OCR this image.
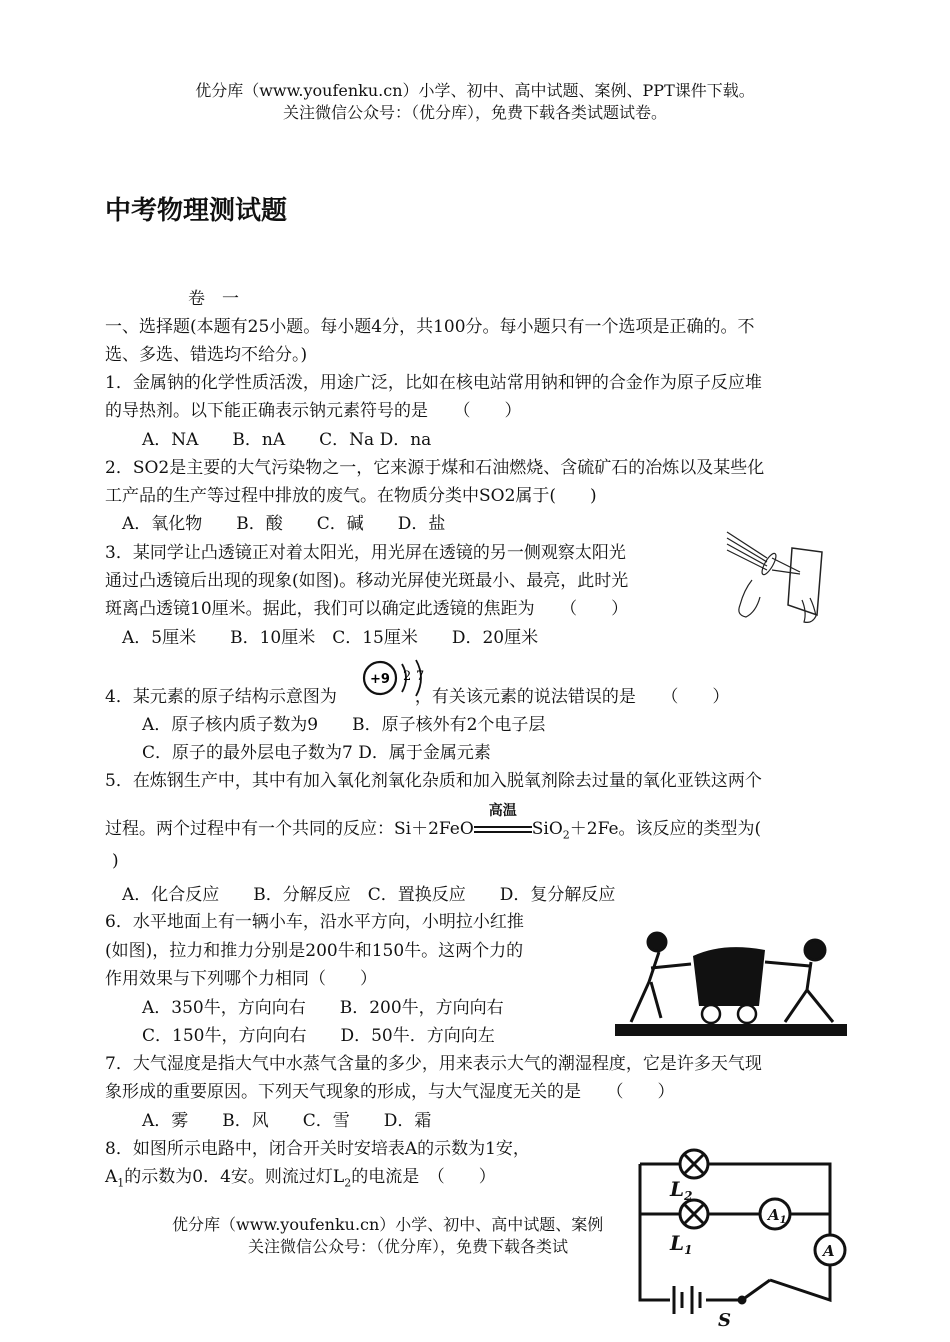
优分库（www.youfenku.cn）小学、初中、高中试题、案例、PPT课件下载。
关注微信公众号：（优分库），免费下载各类试题试卷。
中考物理测试题
卷　一
一、选择题(本题有25小题。每小题4分，共100分。每小题只有一个选项是正确的。不
选、多选、错选均不给分。)
1．金属钠的化学性质活泼，用途广泛，比如在核电站常用钠和钾的合金作为原子反应堆
的导热剂。以下能正确表示钠元素符号的是　　（　　）
A．NA　　B．nA　　C．Na D．na
2．SO2是主要的大气污染物之一，它来源于煤和石油燃烧、含硫矿石的冶炼以及某些化
工产品的生产等过程中排放的废气。在物质分类中SO2属于(　　)
A．氧化物　　B．酸　　C．碱　　D．盐
3．某同学让凸透镜正对着太阳光，用光屏在透镜的另一侧观察太阳光
通过凸透镜后出现的现象(如图)。移动光屏使光斑最小、最亮，此时光
斑离凸透镜10厘米。据此，我们可以确定此透镜的焦距为　　（　　）
A．5厘米　　B．10厘米　C．15厘米　　D．20厘米
4．某元素的原子结构示意图为	，有关该元素的说法错误的是　　（　　）
+9 2 7
A．原子核内质子数为9　　B．原子核外有2个电子层
C．原子的最外层电子数为7 D．属于金属元素
5．在炼钢生产中，其中有加入氧化剂氧化杂质和加入脱氧剂除去过量的氧化亚铁这两个
过程。两个过程中有一个共同的反应：Si＋2FeO
高温
SiO$_2$＋2Fe。该反应的类型为(
)
A．化合反应　　B．分解反应　C．置换反应　　D．复分解反应
6．水平地面上有一辆小车，沿水平方向，小明拉小红推
(如图)，拉力和推力分别是200牛和150牛。这两个力的
作用效果与下列哪个力相同（　　）
A．350牛，方向向右　　B．200牛，方向向右
C．150牛，方向向右　　D．50牛．方向向左
7．大气湿度是指大气中水蒸气含量的多少，用来表示大气的潮湿程度，它是许多天气现
象形成的重要原因。下列天气现象的形成，与大气湿度无关的是　　（　　）
A．雾　　B．风　　C．雪　　D．霜
8．如图所示电路中，闭合开关时安培表A的示数为1安，
$A_1$的示数为0．4安。则流过灯$L_2$的电流是　（　　）
优分库（www.youfenku.cn）小学、初中、高中试题、案例
关注微信公众号：（优分库），免费下载各类试
$L_2$
$L_1$
$A_1$
A
S
